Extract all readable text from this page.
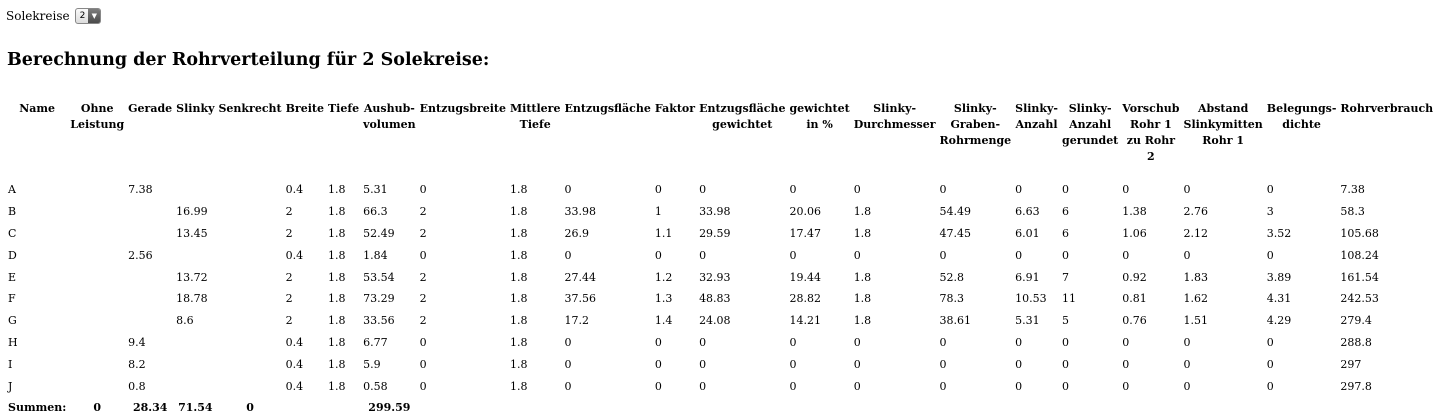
Solekreise	2 ▼
Berechnung der Rohrverteilung für 2 Solekreise:
Name	Ohne Leistung	Gerade	Slinky	Senkrecht	Breite	Tiefe	Aushub-volumen	Entzugsbreite	Mittlere Tiefe	Entzugsfläche	Faktor	Entzugsfläche gewichtet	gewichtet in %	Slinky-Durchmesser	Slinky-Graben-Rohrmenge	Slinky-Anzahl	Slinky-Anzahl gerundet	Vorschub Rohr 1 zu Rohr 2	Abstand Slinkymitten Rohr 1	Belegungs-dichte	Rohrverbrauch
A		7.38			0.4	1.8	5.31	0	1.8	0	0	0	0	0	0	0	0	0	0	0	7.38
B			16.99		2	1.8	66.3	2	1.8	33.98	1	33.98	20.06	1.8	54.49	6.63	6	1.38	2.76	3	58.3
C			13.45		2	1.8	52.49	2	1.8	26.9	1.1	29.59	17.47	1.8	47.45	6.01	6	1.06	2.12	3.52	105.68
D		2.56			0.4	1.8	1.84	0	1.8	0	0	0	0	0	0	0	0	0	0	0	108.24
E			13.72		2	1.8	53.54	2	1.8	27.44	1.2	32.93	19.44	1.8	52.8	6.91	7	0.92	1.83	3.89	161.54
F			18.78		2	1.8	73.29	2	1.8	37.56	1.3	48.83	28.82	1.8	78.3	10.53	11	0.81	1.62	4.31	242.53
G			8.6		2	1.8	33.56	2	1.8	17.2	1.4	24.08	14.21	1.8	38.61	5.31	5	0.76	1.51	4.29	279.4
H		9.4			0.4	1.8	6.77	0	1.8	0	0	0	0	0	0	0	0	0	0	0	288.8
I		8.2			0.4	1.8	5.9	0	1.8	0	0	0	0	0	0	0	0	0	0	0	297
J		0.8			0.4	1.8	0.58	0	1.8	0	0	0	0	0	0	0	0	0	0	0	297.8
Summen:	0	28.34	71.54	0			299.59														
